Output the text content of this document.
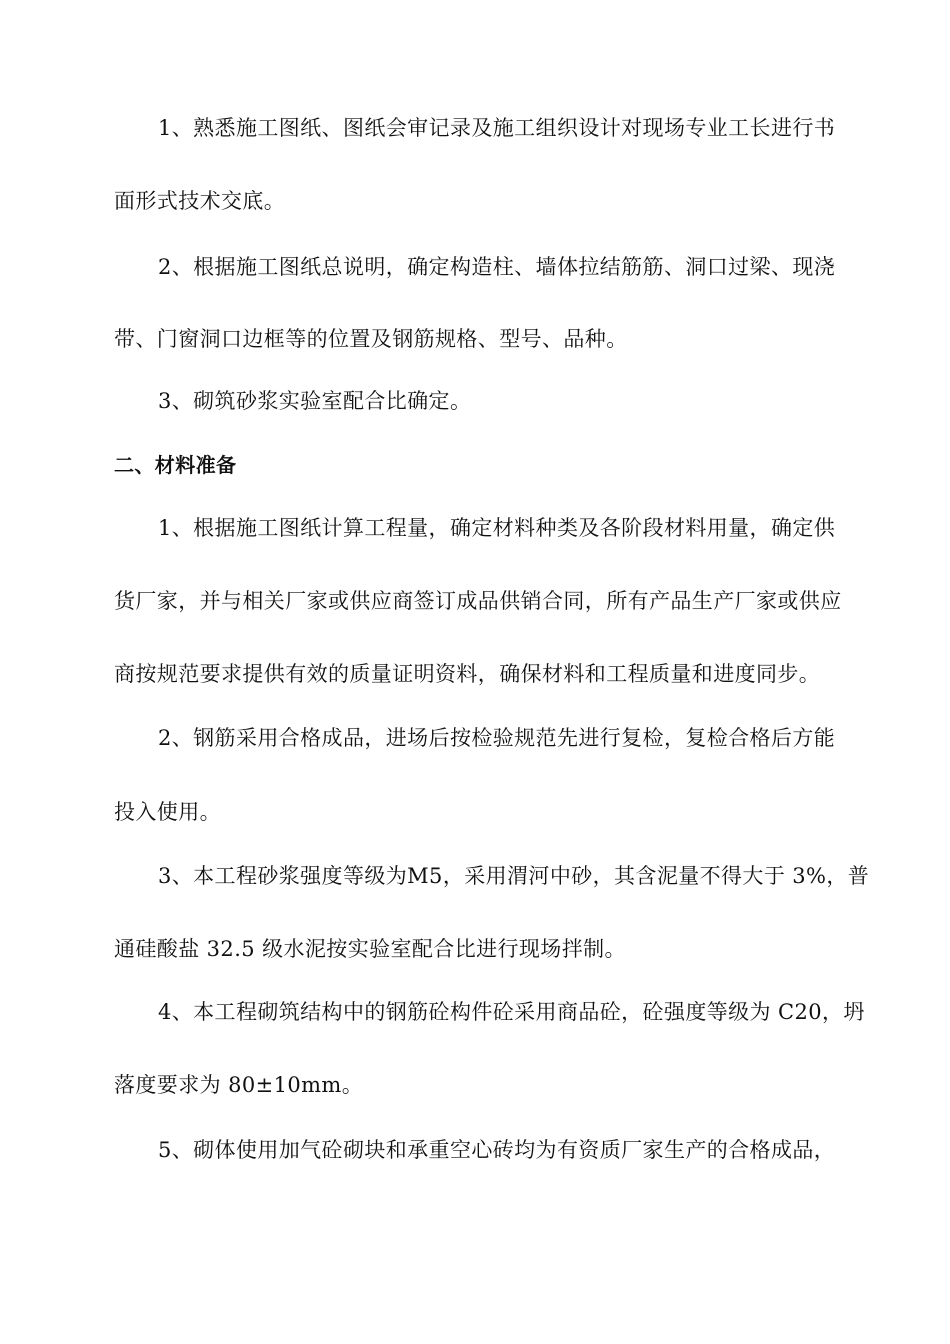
1、熟悉施工图纸、图纸会审记录及施工组织设计对现场专业工长进行书
面形式技术交底。
2、根据施工图纸总说明，确定构造柱、墙体拉结筋筋、洞口过梁、现浇
带、门窗洞口边框等的位置及钢筋规格、型号、品种。
3、砌筑砂浆实验室配合比确定。
二、材料准备
1、根据施工图纸计算工程量，确定材料种类及各阶段材料用量，确定供
货厂家，并与相关厂家或供应商签订成品供销合同，所有产品生产厂家或供应
商按规范要求提供有效的质量证明资料，确保材料和工程质量和进度同步。
2、钢筋采用合格成品，进场后按检验规范先进行复检，复检合格后方能
投入使用。
3、本工程砂浆强度等级为M5，采用渭河中砂，其含泥量不得大于 3%，普
通硅酸盐 32.5 级水泥按实验室配合比进行现场拌制。
4、本工程砌筑结构中的钢筋砼构件砼采用商品砼，砼强度等级为 C20，坍
落度要求为 80±10mm。
5、砌体使用加气砼砌块和承重空心砖均为有资质厂家生产的合格成品，
